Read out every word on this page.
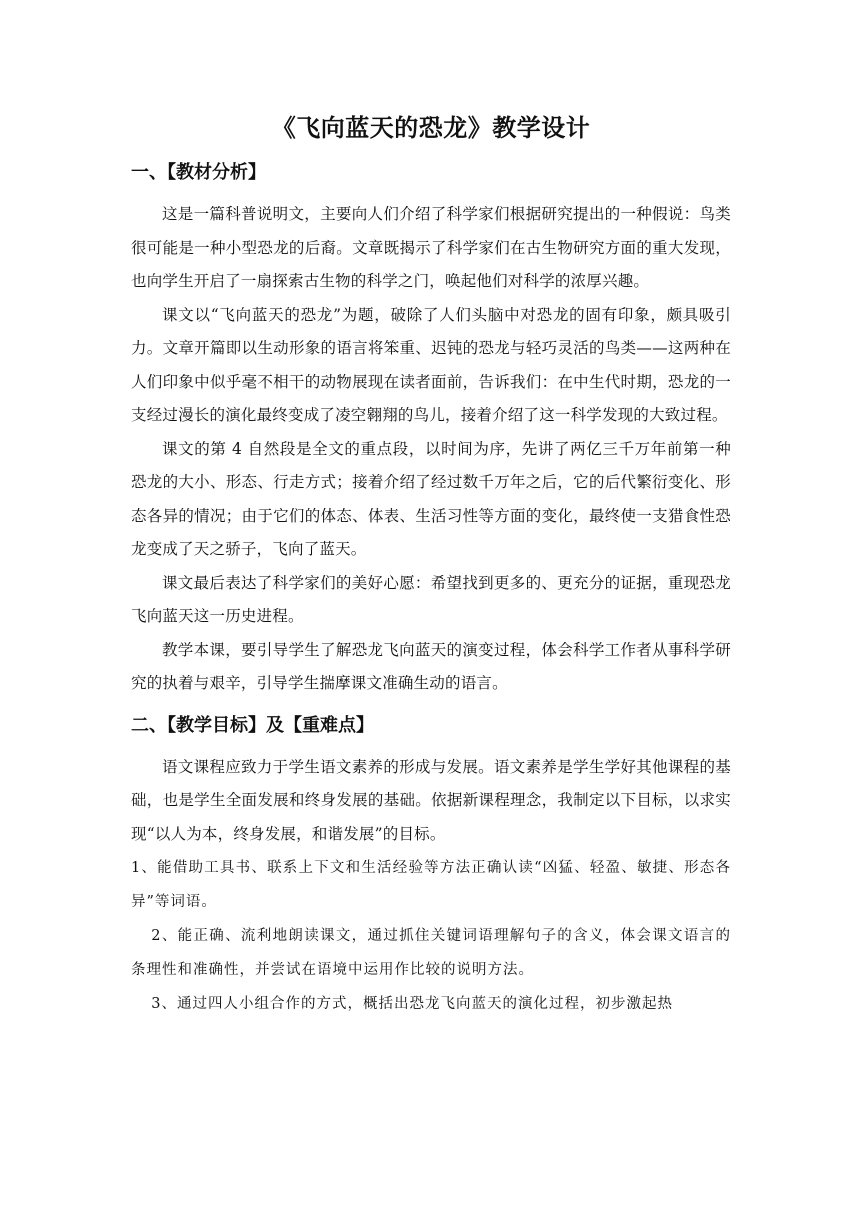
《飞向蓝天的恐龙》教学设计
一、【教材分析】

这是一篇科普说明文，主要向人们介绍了科学家们根据研究提出的一种假说：鸟类很可能是一种小型恐龙的后裔。文章既揭示了科学家们在古生物研究方面的重大发现，也向学生开启了一扇探索古生物的科学之门，唤起他们对科学的浓厚兴趣。

课文以“飞向蓝天的恐龙”为题，破除了人们头脑中对恐龙的固有印象，颇具吸引力。文章开篇即以生动形象的语言将笨重、迟钝的恐龙与轻巧灵活的鸟类——这两种在人们印象中似乎毫不相干的动物展现在读者面前，告诉我们：在中生代时期，恐龙的一支经过漫长的演化最终变成了凌空翱翔的鸟儿，接着介绍了这一科学发现的大致过程。

课文的第 4 自然段是全文的重点段，以时间为序，先讲了两亿三千万年前第一种恐龙的大小、形态、行走方式；接着介绍了经过数千万年之后，它的后代繁衍变化、形态各异的情况；由于它们的体态、体表、生活习性等方面的变化，最终使一支猎食性恐龙变成了天之骄子，飞向了蓝天。

课文最后表达了科学家们的美好心愿：希望找到更多的、更充分的证据，重现恐龙飞向蓝天这一历史进程。

教学本课，要引导学生了解恐龙飞向蓝天的演变过程，体会科学工作者从事科学研究的执着与艰辛，引导学生揣摩课文准确生动的语言。

二、【教学目标】及【重难点】

语文课程应致力于学生语文素养的形成与发展。语文素养是学生学好其他课程的基础，也是学生全面发展和终身发展的基础。依据新课程理念，我制定以下目标，以求实现“以人为本，终身发展，和谐发展”的目标。

1、能借助工具书、联系上下文和生活经验等方法正确认读“凶猛、轻盈、敏捷、形态各异”等词语。

2、能正确、流利地朗读课文，通过抓住关键词语理解句子的含义，体会课文语言的条理性和准确性，并尝试在语境中运用作比较的说明方法。

3、通过四人小组合作的方式，概括出恐龙飞向蓝天的演化过程，初步激起热
